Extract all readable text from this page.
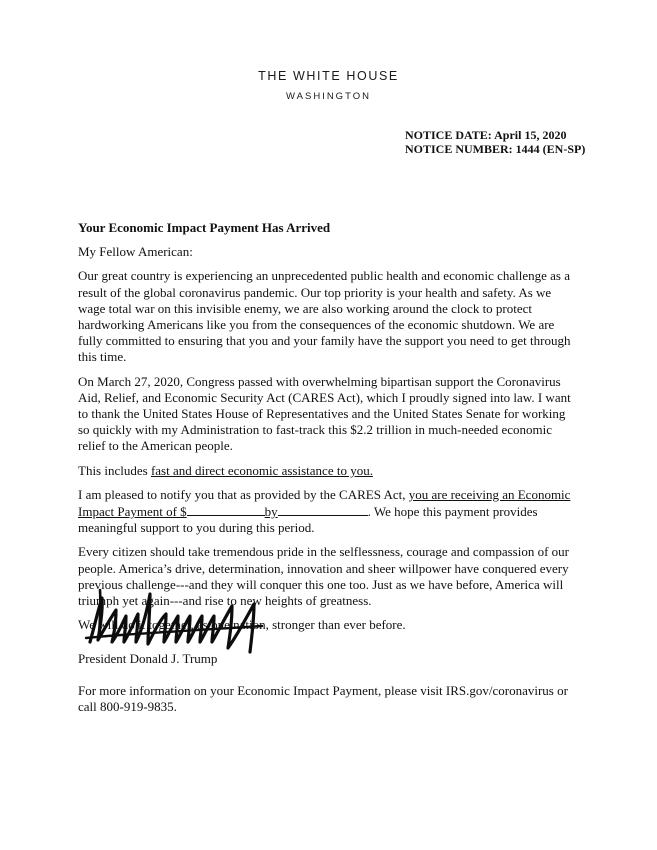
THE WHITE HOUSE
WASHINGTON
NOTICE DATE: April 15, 2020
NOTICE NUMBER: 1444 (EN-SP)

Your Economic Impact Payment Has Arrived

My Fellow American:

Our great country is experiencing an unprecedented public health and economic challenge as a result of the global coronavirus pandemic. Our top priority is your health and safety. As we wage total war on this invisible enemy, we are also working around the clock to protect hardworking Americans like you from the consequences of the economic shutdown. We are fully committed to ensuring that you and your family have the support you need to get through this time.

On March 27, 2020, Congress passed with overwhelming bipartisan support the Coronavirus Aid, Relief, and Economic Security Act (CARES Act), which I proudly signed into law. I want to thank the United States House of Representatives and the United States Senate for working so quickly with my Administration to fast-track this $2.2 trillion in much-needed economic relief to the American people.

This includes fast and direct economic assistance to you.

I am pleased to notify you that as provided by the CARES Act, you are receiving an Economic Impact Payment of $	by	. We hope this payment provides meaningful support to you during this period.

Every citizen should take tremendous pride in the selflessness, courage and compassion of our people. America’s drive, determination, innovation and sheer willpower have conquered every previous challenge---and they will conquer this one too. Just as we have before, America will triumph yet again---and rise to new heights of greatness.

We will do it together, as one nation, stronger than ever before.

President Donald J. Trump
For more information on your Economic Impact Payment, please visit IRS.gov/coronavirus or call 800-919-9835.
